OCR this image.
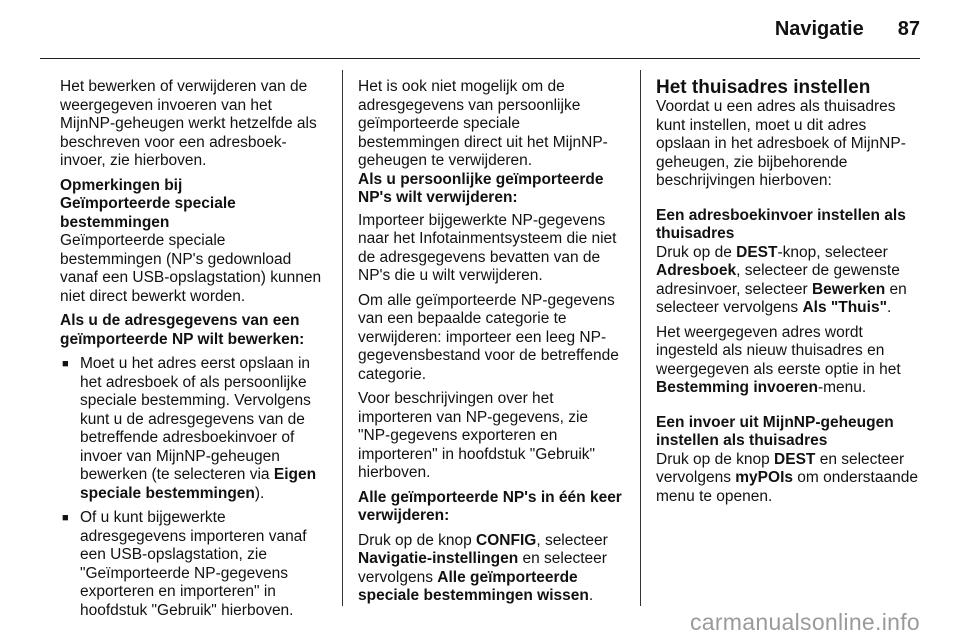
Navigatie 87

Het bewerken of verwijderen van de weergegeven invoeren van het MijnNP-geheugen werkt hetzelfde als beschreven voor een adresboek-invoer, zie hierboven.

Opmerkingen bij
Geïmporteerde speciale
bestemmingen

Geïmporteerde speciale bestemmingen (NP's gedownload vanaf een USB-opslagstation) kunnen niet direct bewerkt worden.

Als u de adresgegevens van een
geïmporteerde NP wilt bewerken:
■ Moet u het adres eerst opslaan in het adresboek of als persoonlijke speciale bestemming. Vervolgens kunt u de adresgegevens van de betreffende adresboekinvoer of invoer van MijnNP-geheugen bewerken (te selecteren via Eigen speciale bestemmingen).
■ Of u kunt bijgewerkte adresgegevens importeren vanaf een USB-opslagstation, zie "Geïmporteerde NP-gegevens exporteren en importeren" in hoofdstuk "Gebruik" hierboven.

Het is ook niet mogelijk om de adresgegevens van persoonlijke geïmporteerde speciale bestemmingen direct uit het MijnNP-geheugen te verwijderen.

Als u persoonlijke geïmporteerde
NP's wilt verwijderen:

Importeer bijgewerkte NP-gegevens naar het Infotainmentsysteem die niet de adresgegevens bevatten van de NP's die u wilt verwijderen.

Om alle geïmporteerde NP-gegevens van een bepaalde categorie te verwijderen: importeer een leeg NP-gegevensbestand voor de betreffende categorie.

Voor beschrijvingen over het importeren van NP-gegevens, zie "NP-gegevens exporteren en importeren" in hoofdstuk "Gebruik" hierboven.

Alle geïmporteerde NP's in één keer
verwijderen:

Druk op de knop CONFIG, selecteer Navigatie-instellingen en selecteer vervolgens Alle geïmporteerde speciale bestemmingen wissen.

Het thuisadres instellen

Voordat u een adres als thuisadres kunt instellen, moet u dit adres opslaan in het adresboek of MijnNP-geheugen, zie bijbehorende beschrijvingen hierboven:

Een adresboekinvoer instellen als
thuisadres

Druk op de DEST-knop, selecteer Adresboek, selecteer de gewenste adresinvoer, selecteer Bewerken en selecteer vervolgens Als "Thuis".

Het weergegeven adres wordt ingesteld als nieuw thuisadres en weergegeven als eerste optie in het Bestemming invoeren-menu.

Een invoer uit MijnNP-geheugen
instellen als thuisadres

Druk op de knop DEST en selecteer vervolgens myPOIs om onderstaande menu te openen.

carmanualsonline.info
